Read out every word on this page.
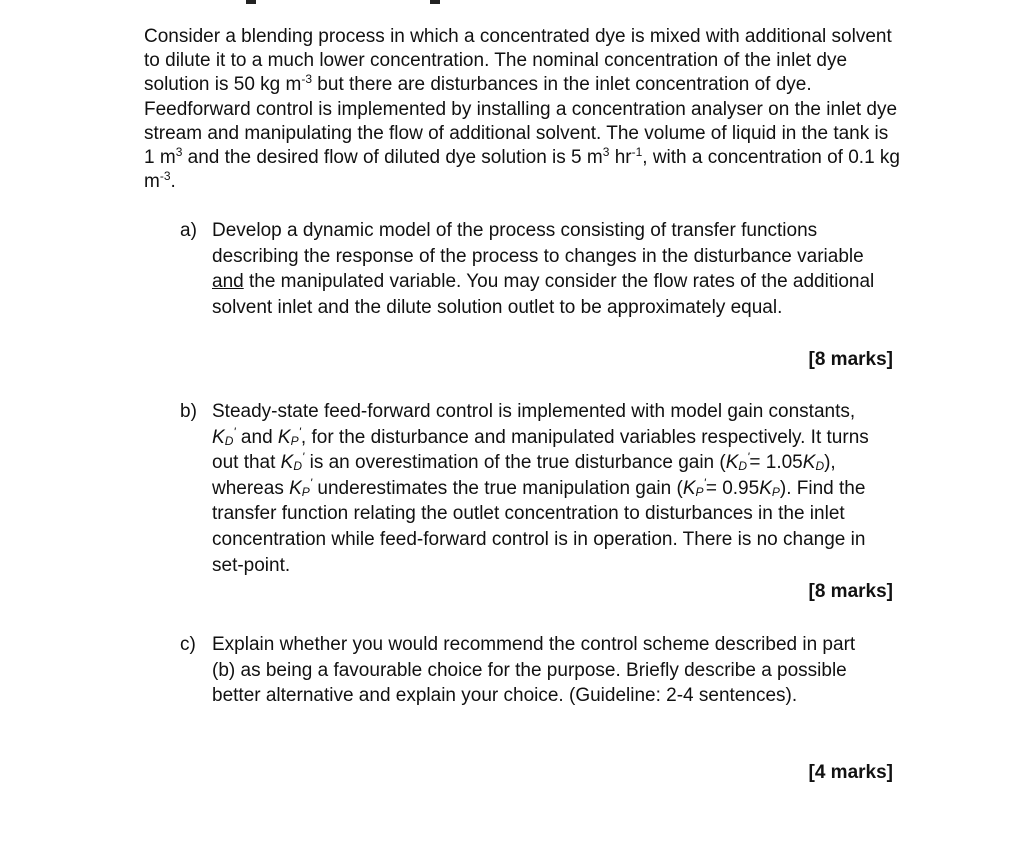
Consider a blending process in which a concentrated dye is mixed with additional solvent to dilute it to a much lower concentration. The nominal concentration of the inlet dye solution is 50 kg $m^{-3}$ but there are disturbances in the inlet concentration of dye. Feedforward control is implemented by installing a concentration analyser on the inlet dye stream and manipulating the flow of additional solvent. The volume of liquid in the tank is 1 $m^3$ and the desired flow of diluted dye solution is 5 $m^3$ $hr^{-1}$, with a concentration of 0.1 kg $m^{-3}$.

a) Develop a dynamic model of the process consisting of transfer functions describing the response of the process to changes in the disturbance variable and the manipulated variable. You may consider the flow rates of the additional solvent inlet and the dilute solution outlet to be approximately equal.
[8 marks]
b) Steady-state feed-forward control is implemented with model gain constants, $K_D'$ and $K_P'$, for the disturbance and manipulated variables respectively. It turns out that $K_D'$ is an overestimation of the true disturbance gain $(K_D'= 1.05K_D)$, whereas $K_P'$ underestimates the true manipulation gain $(K_P'= 0.95K_P)$. Find the transfer function relating the outlet concentration to disturbances in the inlet concentration while feed-forward control is in operation. There is no change in set-point.
[8 marks]
c) Explain whether you would recommend the control scheme described in part (b) as being a favourable choice for the purpose. Briefly describe a possible better alternative and explain your choice. (Guideline: 2-4 sentences).
[4 marks]
